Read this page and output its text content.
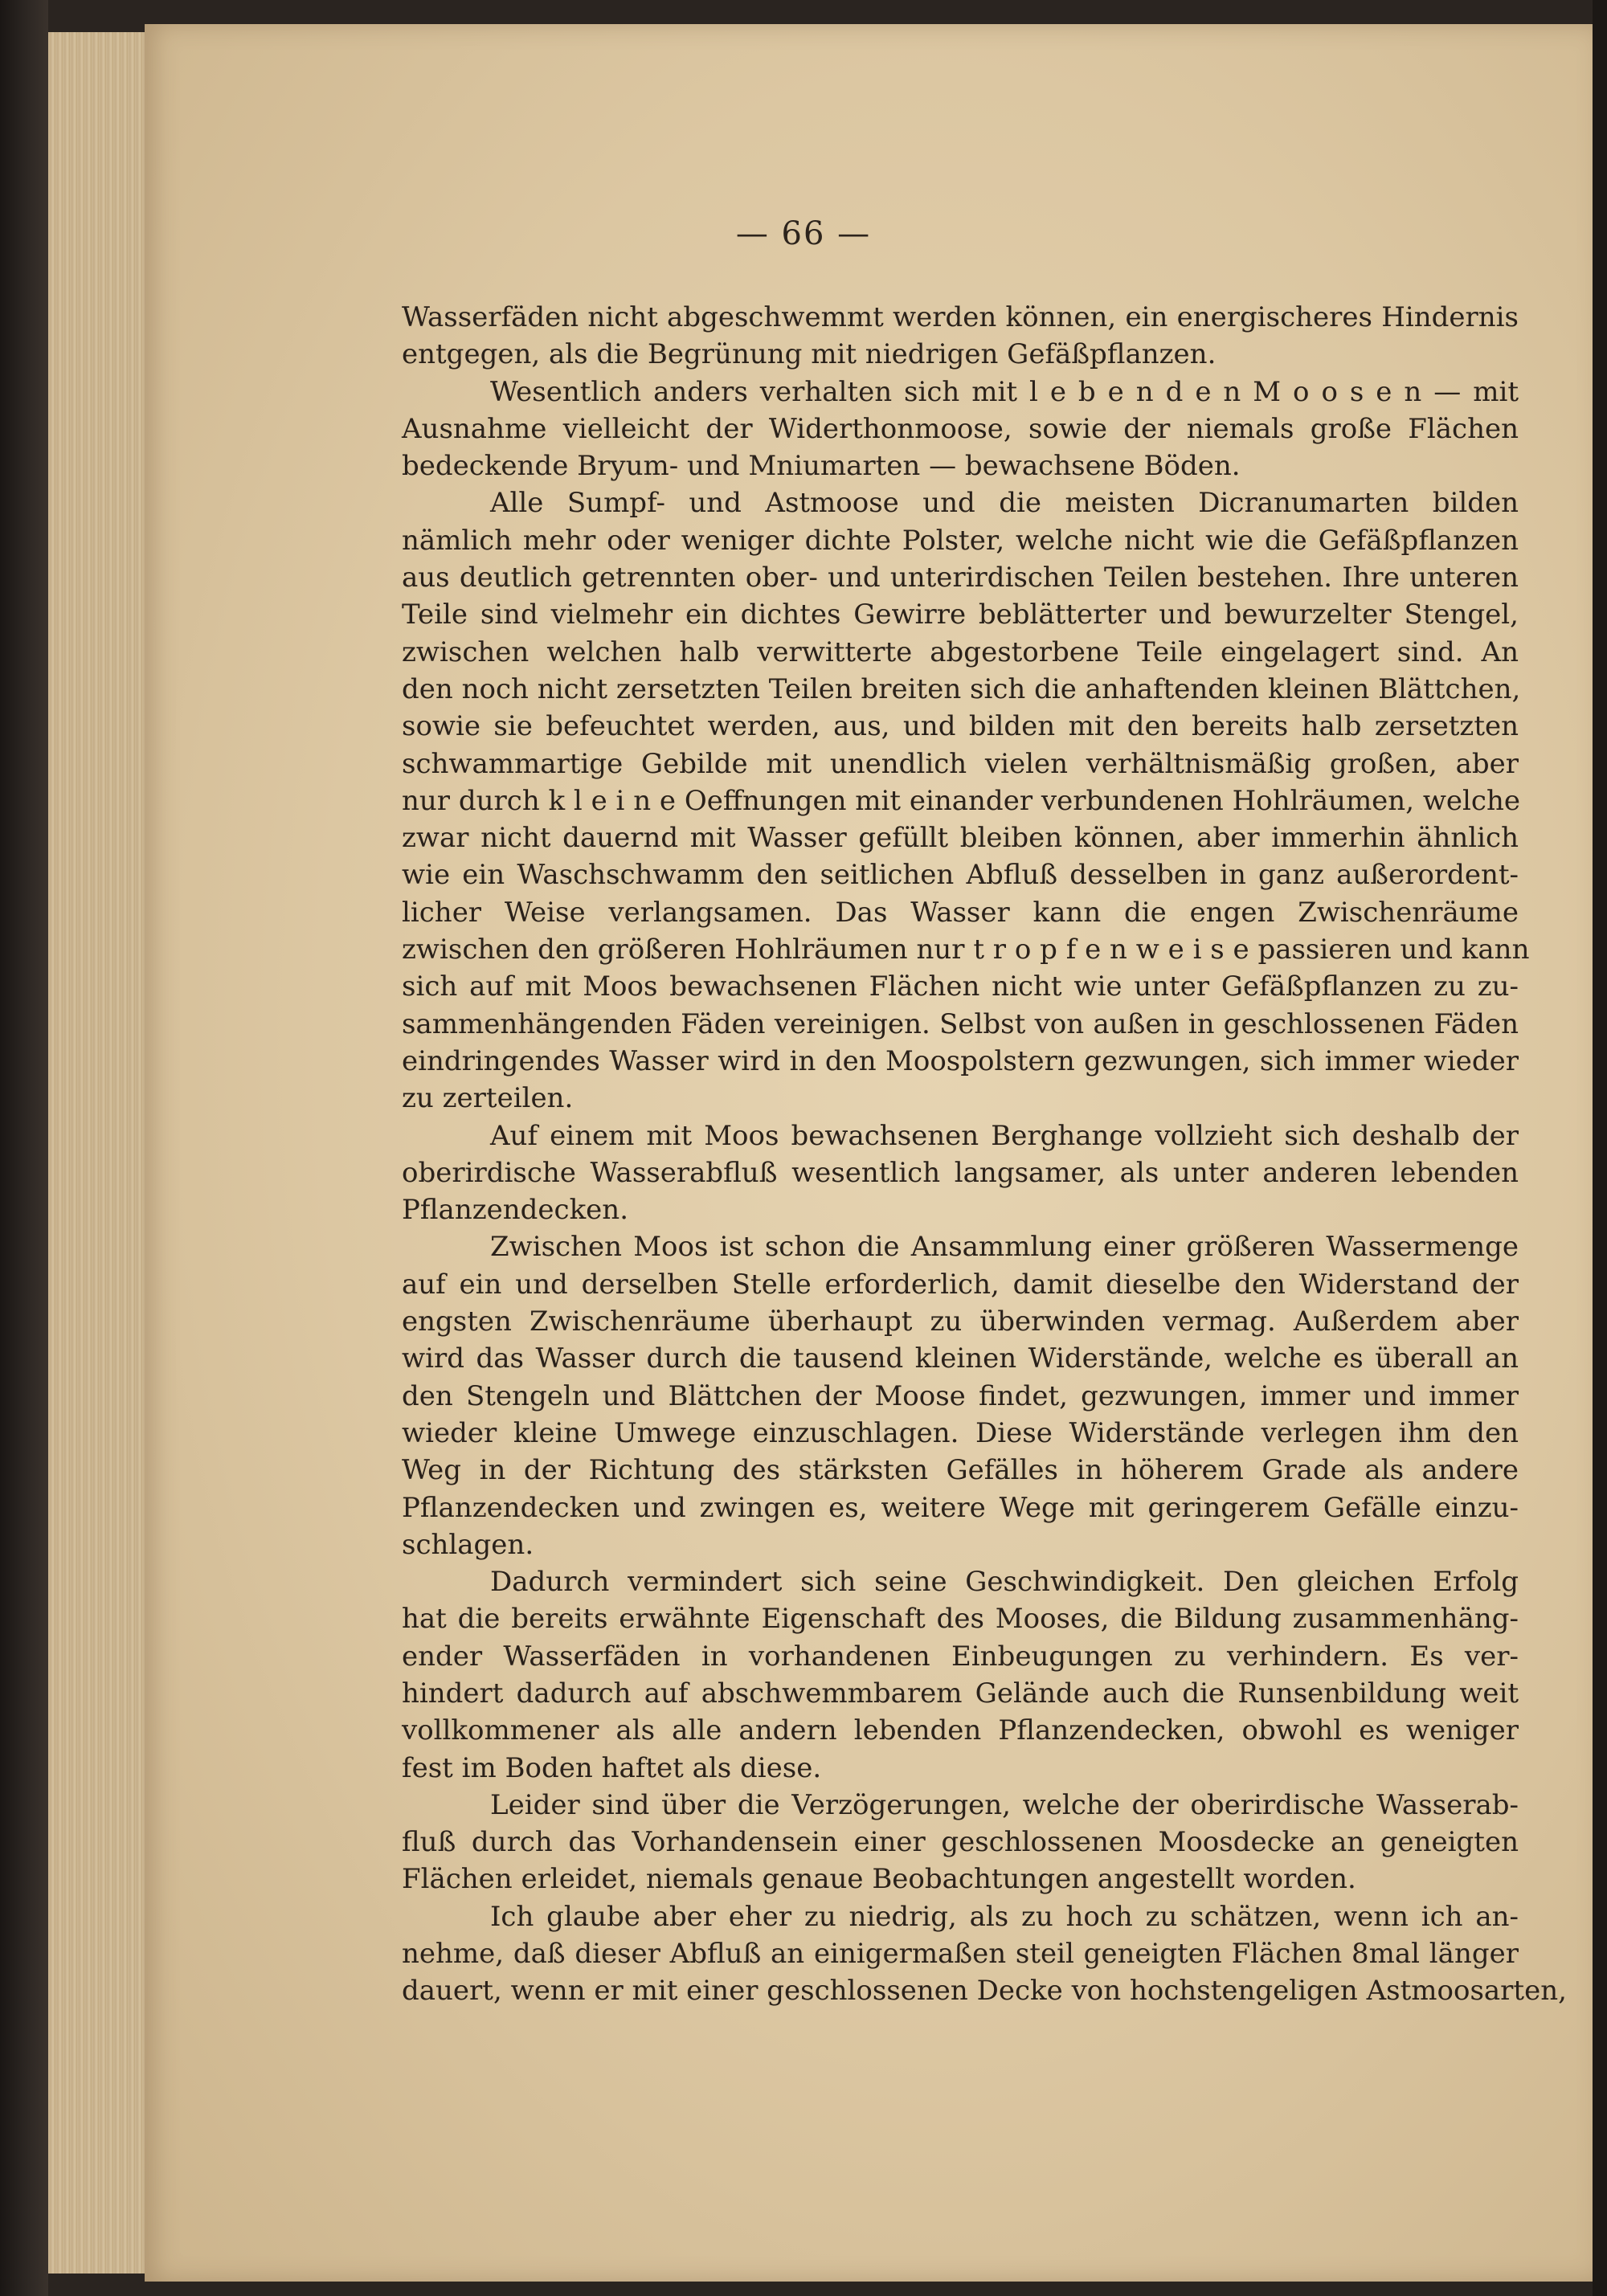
— 66 —
Wasserfäden nicht abgeschwemmt werden können, ein energischeres Hindernis
entgegen, als die Begrünung mit niedrigen Gefäßpflanzen.
Wesentlich anders verhalten sich mit l e b e n d e n M o o s e n — mit
Ausnahme vielleicht der Widerthonmoose, sowie der niemals große Flächen
bedeckende Bryum- und Mniumarten — bewachsene Böden.
Alle Sumpf- und Astmoose und die meisten Dicranumarten bilden
nämlich mehr oder weniger dichte Polster, welche nicht wie die Gefäßpflanzen
aus deutlich getrennten ober- und unterirdischen Teilen bestehen. Ihre unteren
Teile sind vielmehr ein dichtes Gewirre beblätterter und bewurzelter Stengel,
zwischen welchen halb verwitterte abgestorbene Teile eingelagert sind. An
den noch nicht zersetzten Teilen breiten sich die anhaftenden kleinen Blättchen,
sowie sie befeuchtet werden, aus, und bilden mit den bereits halb zersetzten
schwammartige Gebilde mit unendlich vielen verhältnismäßig großen, aber
nur durch k l e i n e Oeffnungen mit einander verbundenen Hohlräumen, welche
zwar nicht dauernd mit Wasser gefüllt bleiben können, aber immerhin ähnlich
wie ein Waschschwamm den seitlichen Abfluß desselben in ganz außerordent-
licher Weise verlangsamen. Das Wasser kann die engen Zwischenräume
zwischen den größeren Hohlräumen nur t r o p f e n w e i s e passieren und kann
sich auf mit Moos bewachsenen Flächen nicht wie unter Gefäßpflanzen zu zu-
sammenhängenden Fäden vereinigen. Selbst von außen in geschlossenen Fäden
eindringendes Wasser wird in den Moospolstern gezwungen, sich immer wieder
zu zerteilen.
Auf einem mit Moos bewachsenen Berghange vollzieht sich deshalb der
oberirdische Wasserabfluß wesentlich langsamer, als unter anderen lebenden
Pflanzendecken.
Zwischen Moos ist schon die Ansammlung einer größeren Wassermenge
auf ein und derselben Stelle erforderlich, damit dieselbe den Widerstand der
engsten Zwischenräume überhaupt zu überwinden vermag. Außerdem aber
wird das Wasser durch die tausend kleinen Widerstände, welche es überall an
den Stengeln und Blättchen der Moose findet, gezwungen, immer und immer
wieder kleine Umwege einzuschlagen. Diese Widerstände verlegen ihm den
Weg in der Richtung des stärksten Gefälles in höherem Grade als andere
Pflanzendecken und zwingen es, weitere Wege mit geringerem Gefälle einzu-
schlagen.
Dadurch vermindert sich seine Geschwindigkeit. Den gleichen Erfolg
hat die bereits erwähnte Eigenschaft des Mooses, die Bildung zusammenhäng-
ender Wasserfäden in vorhandenen Einbeugungen zu verhindern. Es ver-
hindert dadurch auf abschwemmbarem Gelände auch die Runsenbildung weit
vollkommener als alle andern lebenden Pflanzendecken, obwohl es weniger
fest im Boden haftet als diese.
Leider sind über die Verzögerungen, welche der oberirdische Wasserab-
fluß durch das Vorhandensein einer geschlossenen Moosdecke an geneigten
Flächen erleidet, niemals genaue Beobachtungen angestellt worden.
Ich glaube aber eher zu niedrig, als zu hoch zu schätzen, wenn ich an-
nehme, daß dieser Abfluß an einigermaßen steil geneigten Flächen 8mal länger
dauert, wenn er mit einer geschlossenen Decke von hochstengeligen Astmoosarten,
